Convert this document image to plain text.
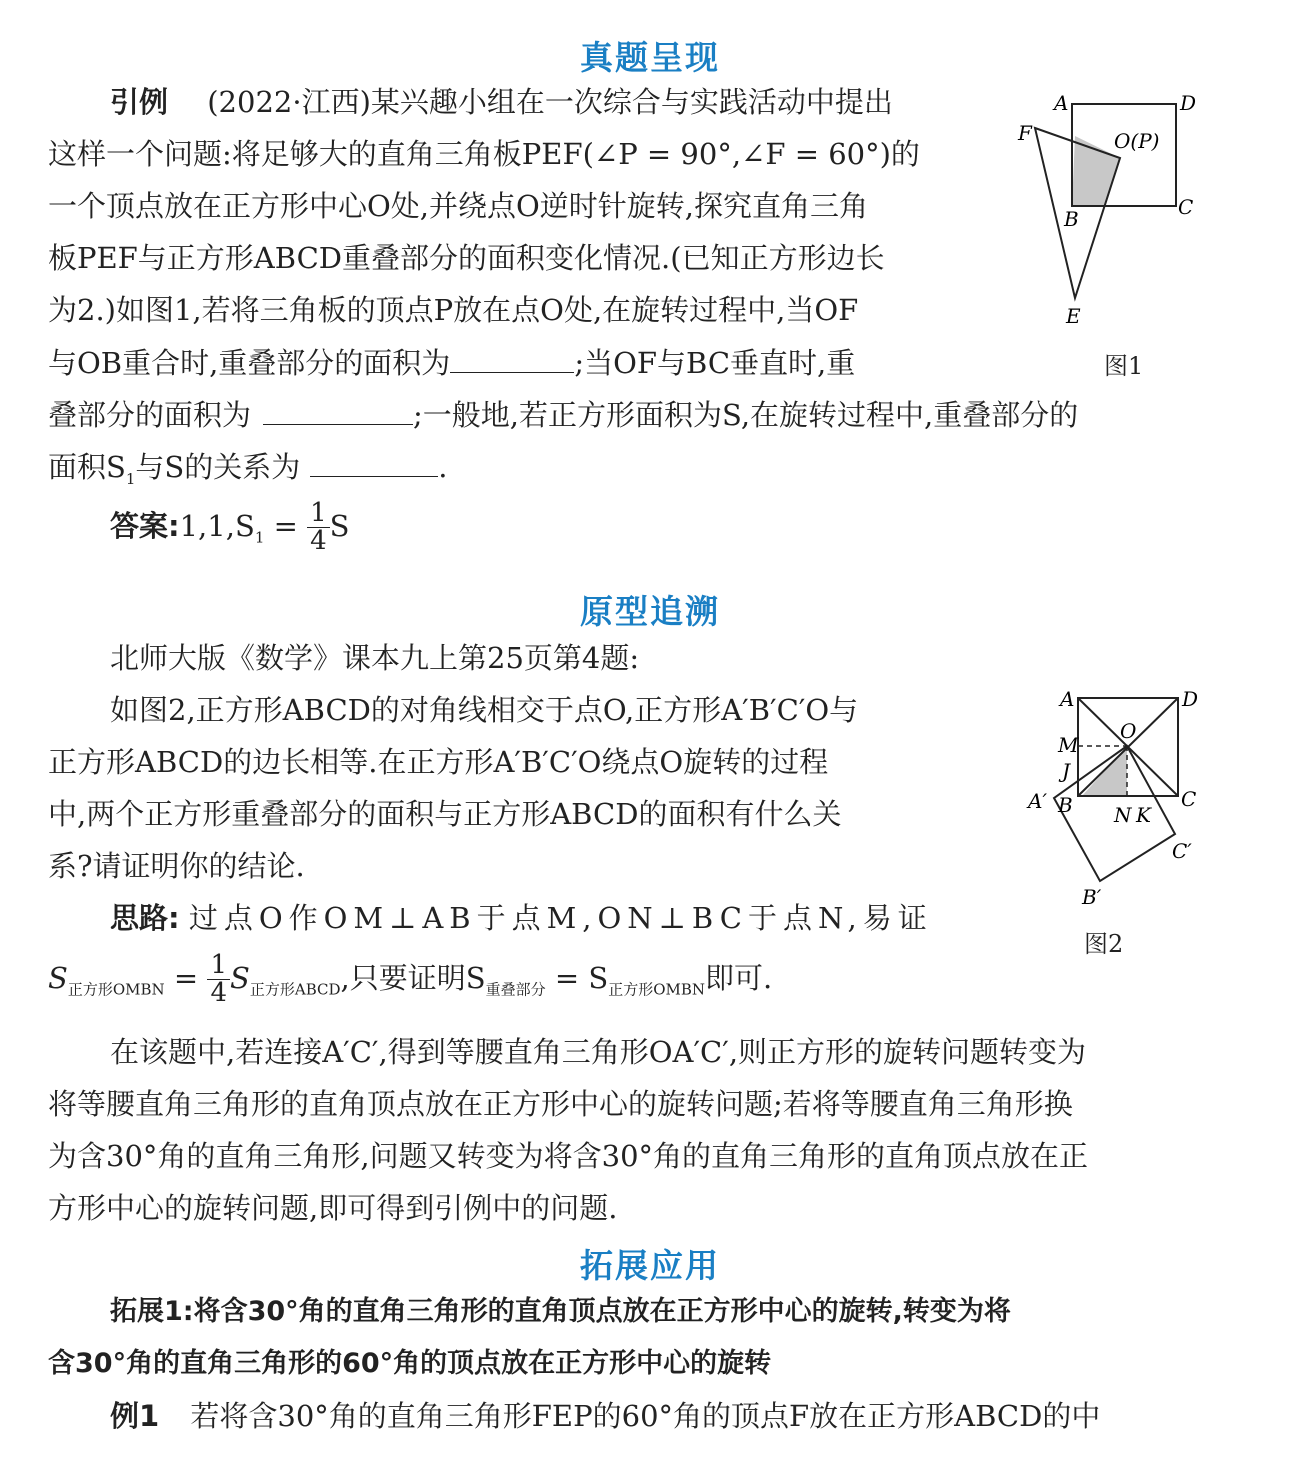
真题呈现
引例 (2022·江西)某兴趣小组在一次综合与实践活动中提出
这样一个问题:将足够大的直角三角板PEF(∠P = 90°,∠F = 60°)的
一个顶点放在正方形中心O处,并绕点O逆时针旋转,探究直角三角
板PEF与正方形ABCD重叠部分的面积变化情况.(已知正方形边长
为2.)如图1,若将三角板的顶点P放在点O处,在旋转过程中,当OF
与OB重合时,重叠部分的面积为	;当OF与BC垂直时,重
叠部分的面积为	;一般地,若正方形面积为S,在旋转过程中,重叠部分的
面积$S_1$与S的关系为	.
答案$:1,1,S_1 = \frac{1}{4}$ S
A	D
F	O(P)
B	C
E
图1
原型追溯
北师大版《数学》课本九上第25页第4题:
如图2,正方形ABCD的对角线相交于点O,正方形A′B′C′O与
正方形ABCD的边长相等.在正方形A′B′C′O绕点O旋转的过程
中,两个正方形重叠部分的面积与正方形ABCD的面积有什么关
系?请证明你的结论.
思路: 过点O作OM⊥AB于点M,ON⊥BC于点N,易证
$S_{正方形OMBN} = \frac{1}{4} S_{正方形ABCD}$,只要证明$S_{重叠部分} = S_{正方形OMBN}$即可.
在该题中,若连接A′C′,得到等腰直角三角形OA′C′,则正方形的旋转问题转变为
将等腰直角三角形的直角顶点放在正方形中心的旋转问题;若将等腰直角三角形换
为含30°角的直角三角形,问题又转变为将含30°角的直角三角形的直角顶点放在正
方形中心的旋转问题,即可得到引例中的问题.
A	D
O
M
J
A′ B N K
C
C′
B′
图2
拓展应用
拓展1:将含30°角的直角三角形的直角顶点放在正方形中心的旋转,转变为将
含30°角的直角三角形的60°角的顶点放在正方形中心的旋转
例1 若将含30°角的直角三角形FEP的60°角的顶点F放在正方形ABCD的中
